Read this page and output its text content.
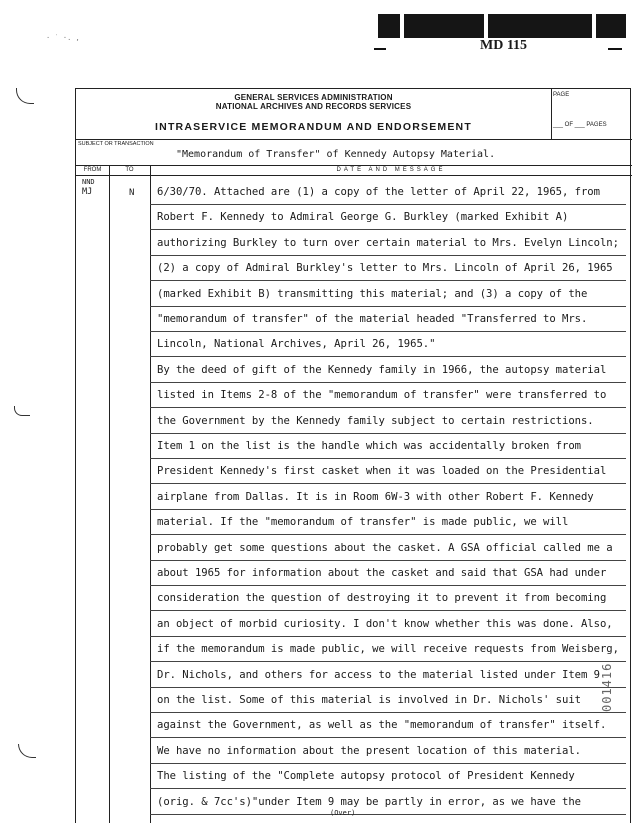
MD 115
· ˙ ·. ,
GENERAL SERVICES ADMINISTRATION
NATIONAL ARCHIVES AND RECORDS SERVICES
INTRASERVICE MEMORANDUM AND ENDORSEMENT
PAGE
___ OF ___ PAGES
SUBJECT OR TRANSACTION
"Memorandum of Transfer" of Kennedy Autopsy Material.
FROM	TO	DATE AND MESSAGE
NND
MJ	N 6/30/70. Attached are (1) a copy of the letter of April 22, 1965, from
Robert F. Kennedy to Admiral George G. Burkley (marked Exhibit A)
authorizing Burkley to turn over certain material to Mrs. Evelyn Lincoln;
(2) a copy of Admiral Burkley's letter to Mrs. Lincoln of April 26, 1965
(marked Exhibit B) transmitting this material; and (3) a copy of the
"memorandum of transfer" of the material headed "Transferred to Mrs.
Lincoln, National Archives, April 26, 1965."
By the deed of gift of the Kennedy family in 1966, the autopsy material
listed in Items 2-8 of the "memorandum of transfer" were transferred to
the Government by the Kennedy family subject to certain restrictions.
Item 1 on the list is the handle which was accidentally broken from
President Kennedy's first casket when it was loaded on the Presidential
airplane from Dallas. It is in Room 6W-3 with other Robert F. Kennedy
material. If the "memorandum of transfer" is made public, we will
probably get some questions about the casket. A GSA official called me a
about 1965 for information about the casket and said that GSA had under
consideration the question of destroying it to prevent it from becoming
an object of morbid curiosity. I don't know whether this was done. Also,
if the memorandum is made public, we will receive requests from Weisberg,
Dr. Nichols, and others for access to the material listed under Item 9
on the list. Some of this material is involved in Dr. Nichols' suit
against the Government, as well as the "memorandum of transfer" itself.
We have no information about the present location of this material.
The listing of the "Complete autopsy protocol of President Kennedy
(orig. & 7cc's)"under Item 9 may be partly in error, as we have the
001416
(Over)
